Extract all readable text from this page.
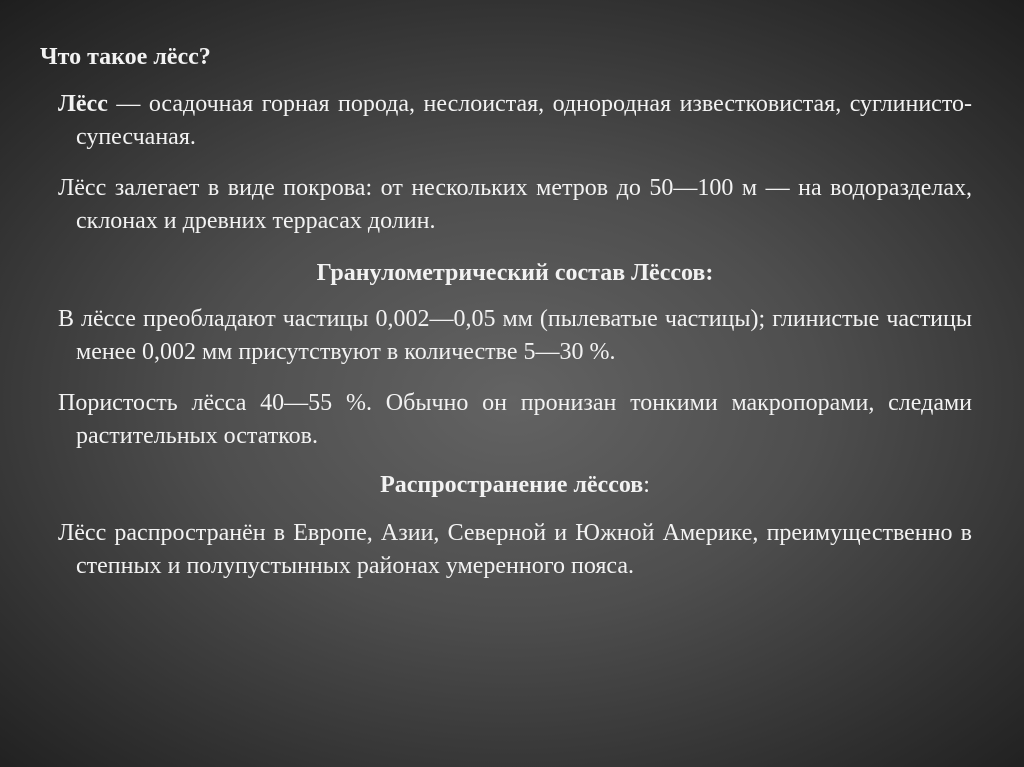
Что такое лёсс?
Лёсс — осадочная горная порода, неслоистая, однородная известковистая, суглинисто-супесчаная.
Лёсс залегает в виде покрова: от нескольких метров до 50—100 м — на водоразделах, склонах и древних террасах долин.
Гранулометрический состав Лёссов:
В лёссе преобладают частицы 0,002—0,05 мм (пылеватые частицы); глинистые частицы менее 0,002 мм присутствуют в количестве 5—30 %.
Пористость лёсса 40—55 %. Обычно он пронизан тонкими макропорами, следами растительных остатков.
Распространение лёссов:
Лёсс распространён в Европе, Азии, Северной и Южной Америке, преимущественно в степных и полупустынных районах умеренного пояса.
